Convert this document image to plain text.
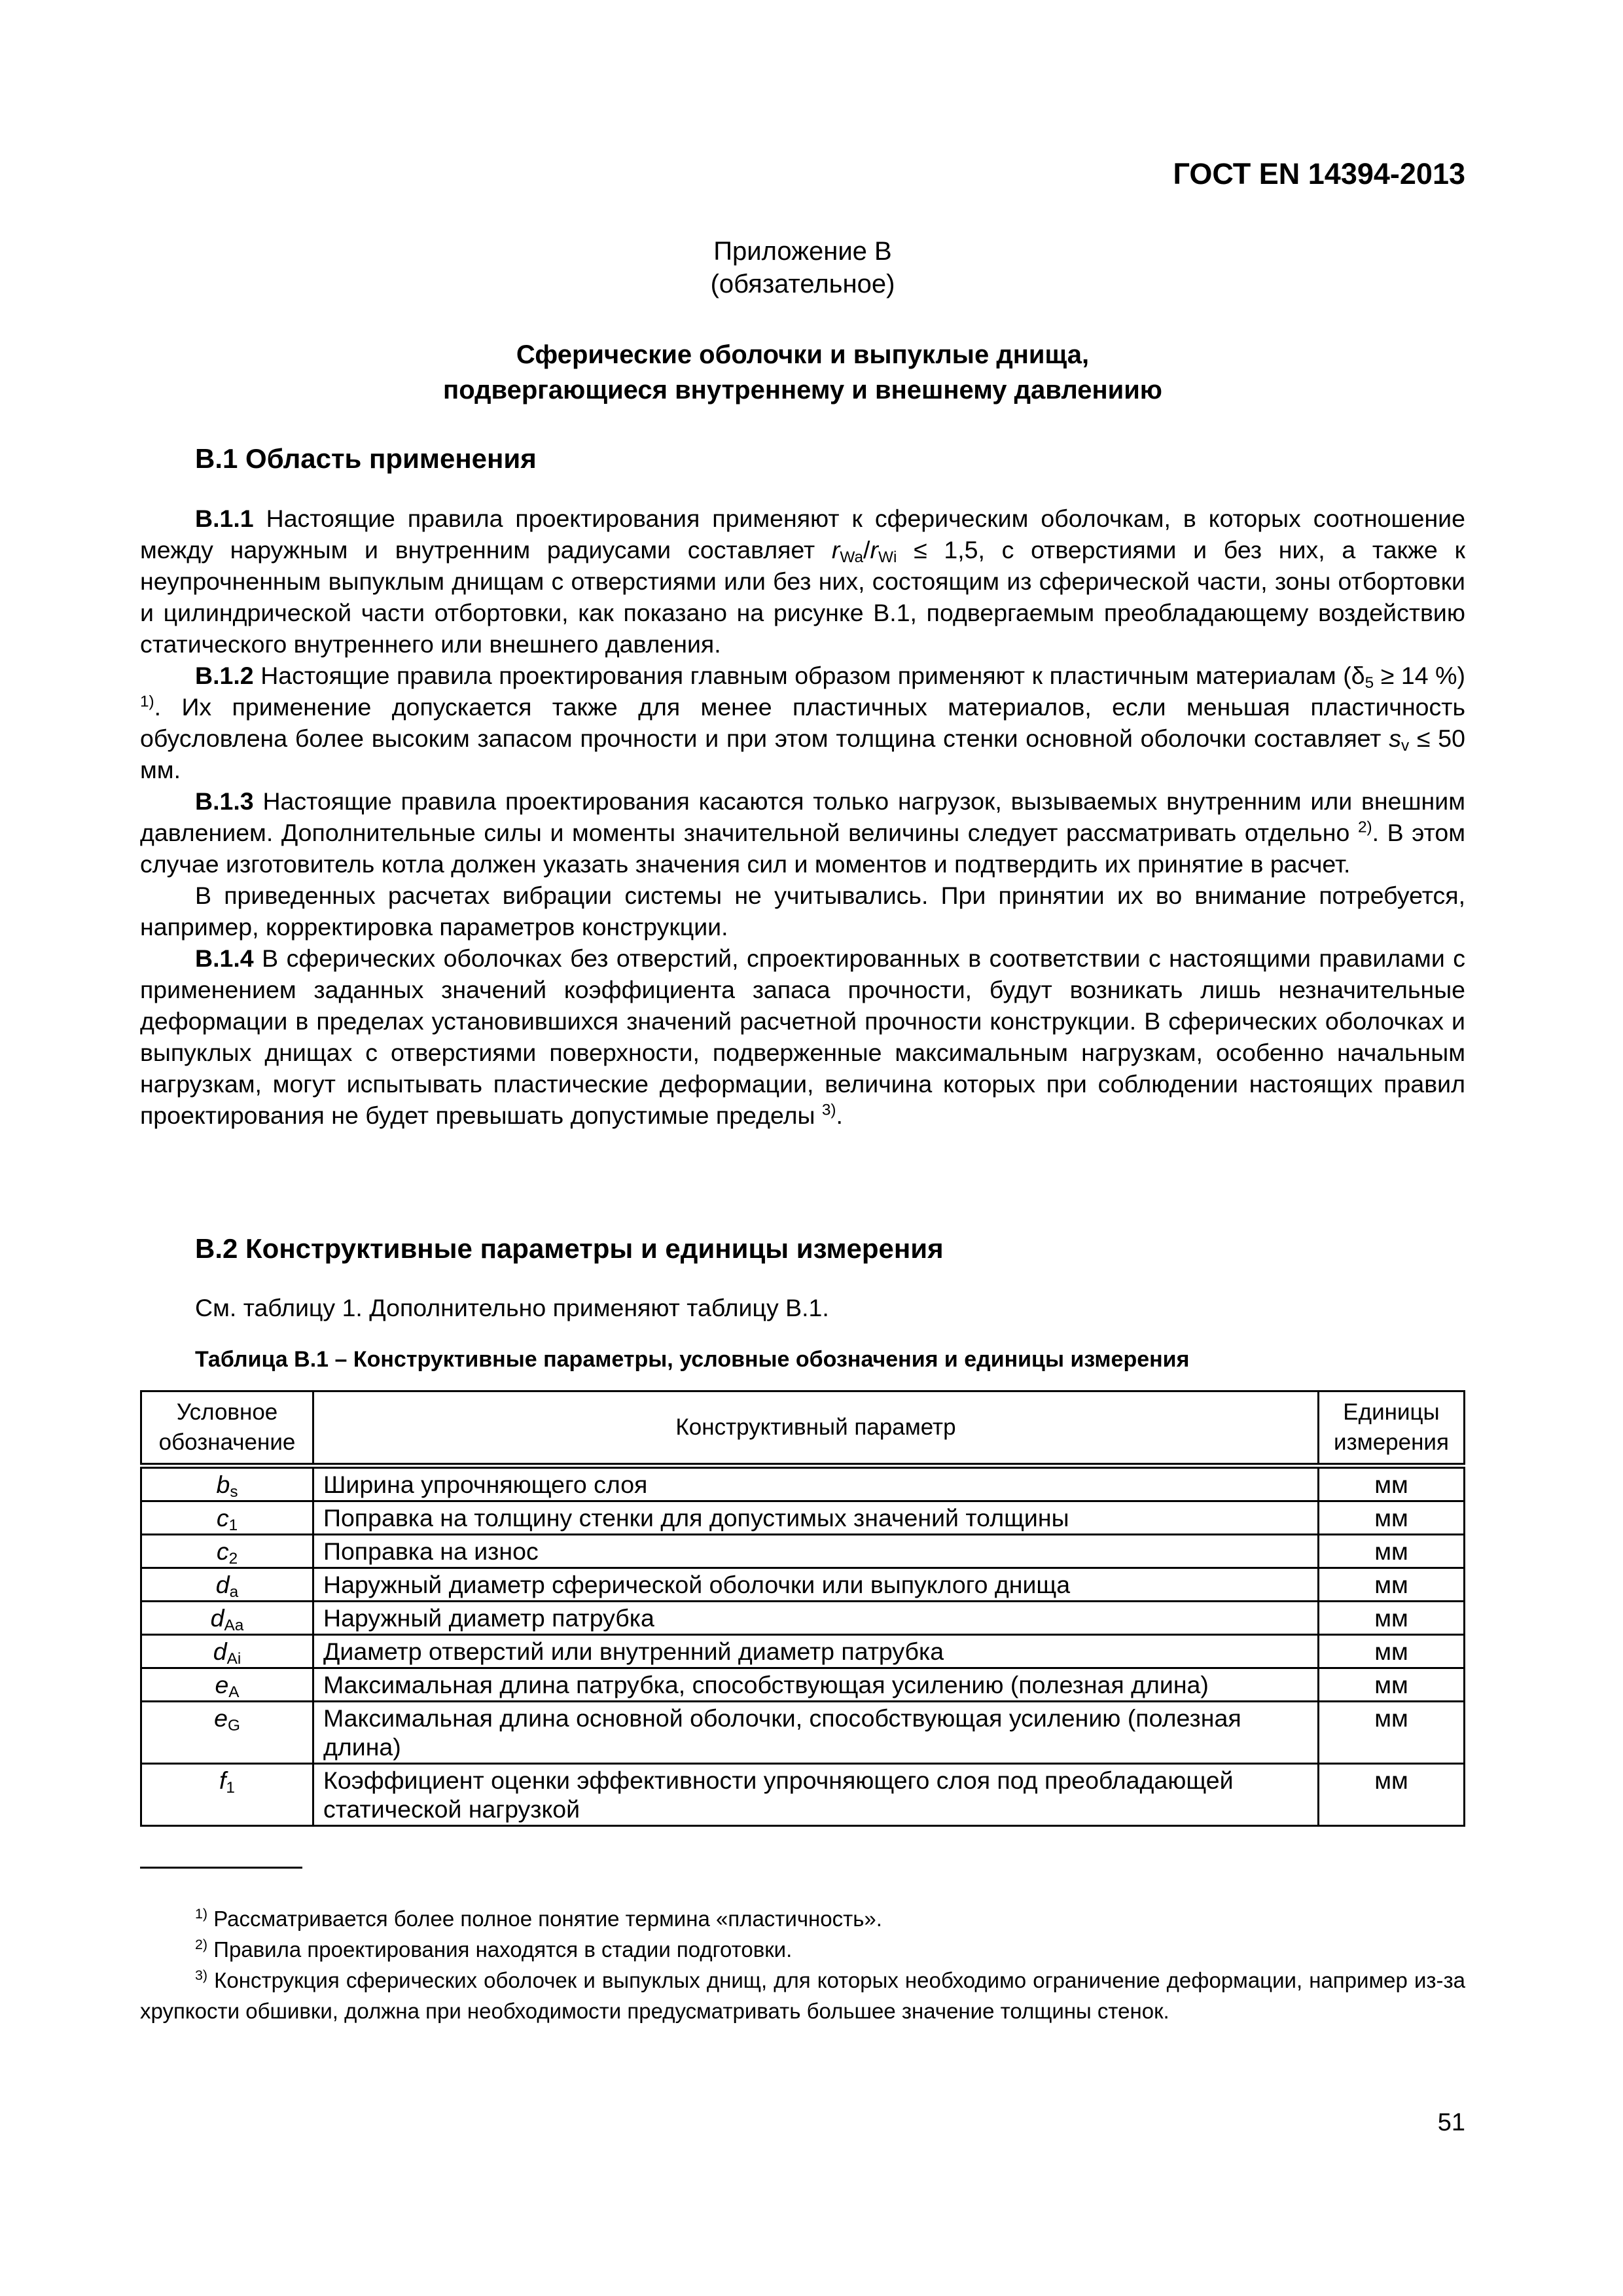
ГОСТ EN 14394-2013
Приложение В
(обязательное)
Сферические оболочки и выпуклые днища,
подвергающиеся внутреннему и внешнему давлениию
В.1 Область применения

В.1.1 Настоящие правила проектирования применяют к сферическим оболочкам, в которых соотношение между наружным и внутренним радиусами составляет $r_{Wa}/r_{Wi} \le 1,5$, с отверстиями и без них, а также к неупрочненным выпуклым днищам с отверстиями или без них, состоящим из сферической части, зоны отбортовки и цилиндрической части отбортовки, как показано на рисунке В.1, подвергаемым преобладающему воздействию статического внутреннего или внешнего давления.

В.1.2 Настоящие правила проектирования главным образом применяют к пластичным материалам ($\delta_5 \ge 14$ %) $^{1)}$. Их применение допускается также для менее пластичных материалов, если меньшая пластичность обусловлена более высоким запасом прочности и при этом толщина стенки основной оболочки составляет $s_v \le 50$ мм.

В.1.3 Настоящие правила проектирования касаются только нагрузок, вызываемых внутренним или внешним давлением. Дополнительные силы и моменты значительной величины следует рассматривать отдельно $^{2)}$. В этом случае изготовитель котла должен указать значения сил и моментов и подтвердить их принятие в расчет.

В приведенных расчетах вибрации системы не учитывались. При принятии их во внимание потребуется, например, корректировка параметров конструкции.

В.1.4 В сферических оболочках без отверстий, спроектированных в соответствии с настоящими правилами с применением заданных значений коэффициента запаса прочности, будут возникать лишь незначительные деформации в пределах установившихся значений расчетной прочности конструкции. В сферических оболочках и выпуклых днищах с отверстиями поверхности, подверженные максимальным нагрузкам, особенно начальным нагрузкам, могут испытывать пластические деформации, величина которых при соблюдении настоящих правил проектирования не будет превышать допустимые пределы $^{3)}$.

В.2 Конструктивные параметры и единицы измерения
См. таблицу 1. Дополнительно применяют таблицу В.1.
Таблица В.1 – Конструктивные параметры, условные обозначения и единицы измерения
Условное обозначение	Конструктивный параметр	Единицы измерения
$b_s$	Ширина упрочняющего слоя	мм
$c_1$	Поправка на толщину стенки для допустимых значений толщины	мм
$c_2$	Поправка на износ	мм
$d_a$	Наружный диаметр сферической оболочки или выпуклого днища	мм
$d_{Aa}$	Наружный диаметр патрубка	мм
$d_{Ai}$	Диаметр отверстий или внутренний диаметр патрубка	мм
$e_A$	Максимальная длина патрубка, способствующая усилению (полезная длина)	мм
$e_G$	Максимальная длина основной оболочки, способствующая усилению (полезная длина)	мм
$f_1$	Коэффициент оценки эффективности упрочняющего слоя под преобладающей статической нагрузкой	мм

$^{1)}$ Рассматривается более полное понятие термина «пластичность».

$^{2)}$ Правила проектирования находятся в стадии подготовки.

$^{3)}$ Конструкция сферических оболочек и выпуклых днищ, для которых необходимо ограничение деформации, например из-за хрупкости обшивки, должна при необходимости предусматривать большее значение толщины стенок.

51
